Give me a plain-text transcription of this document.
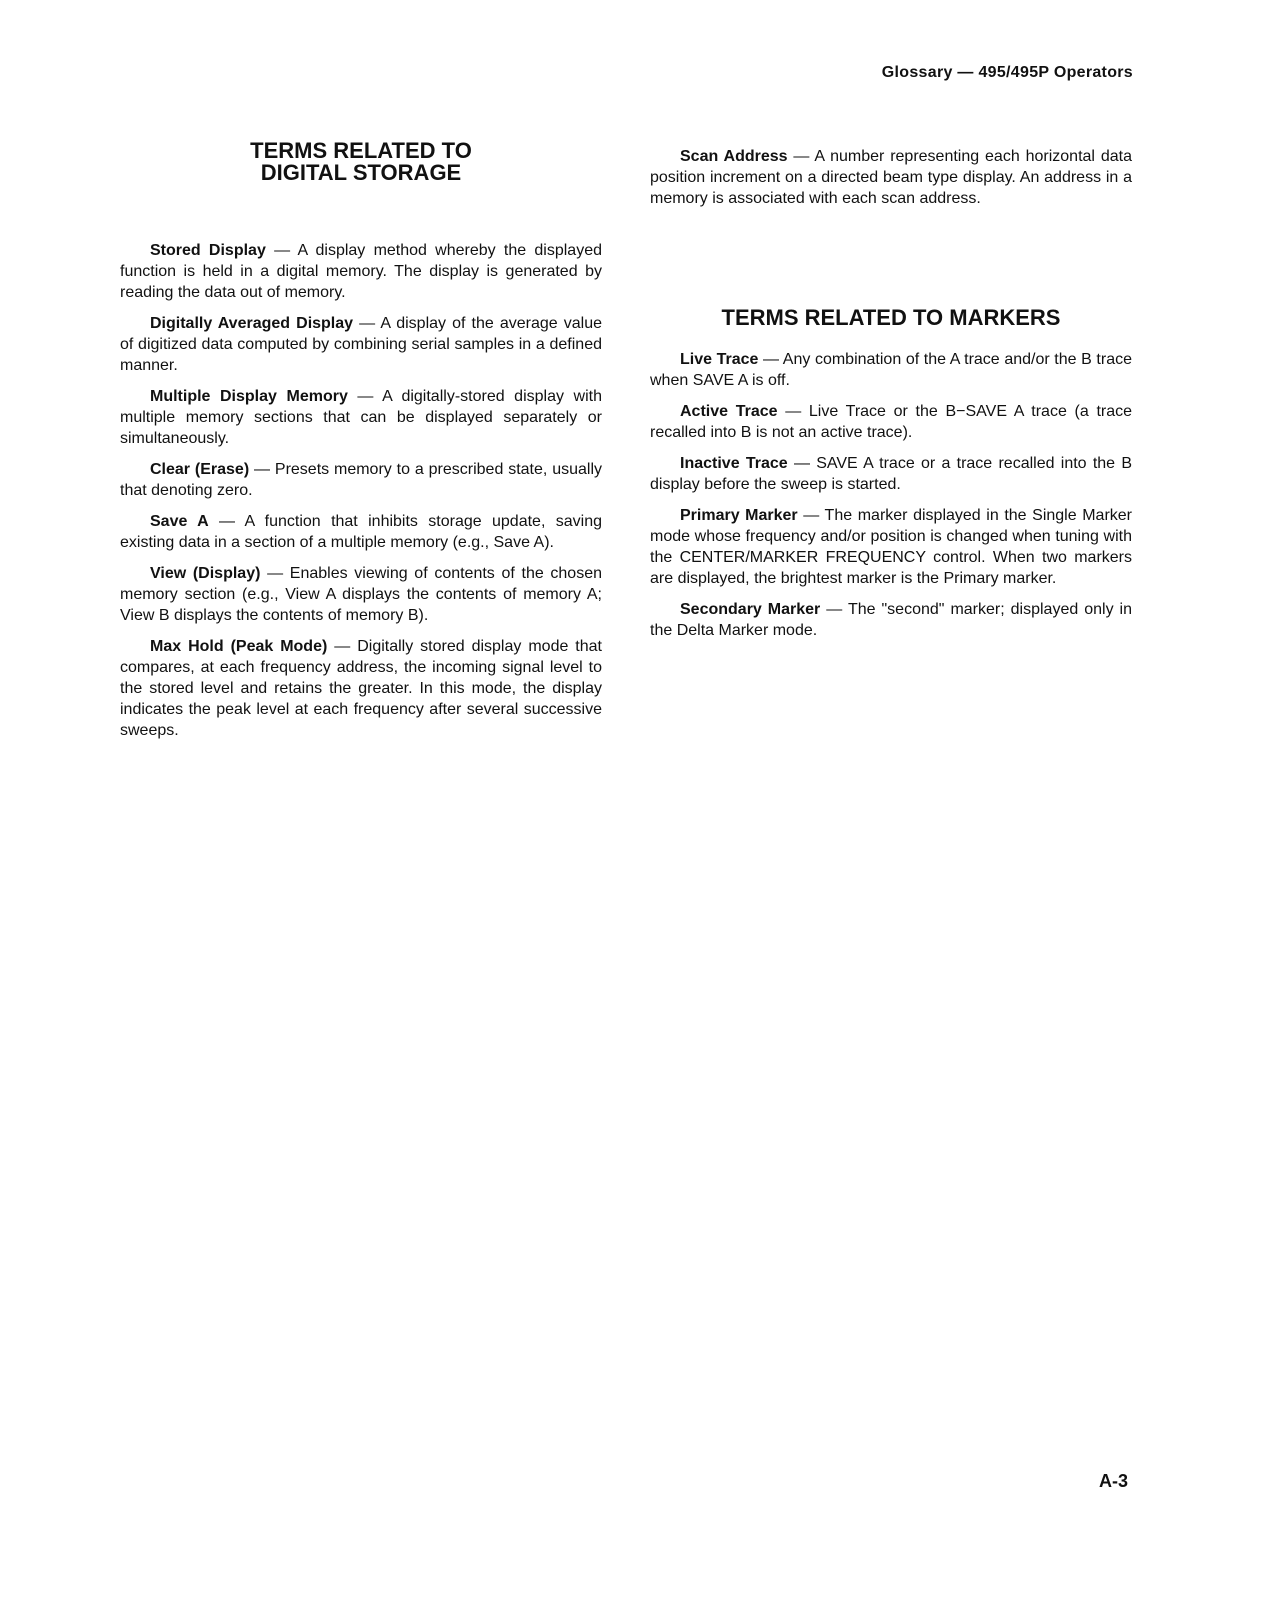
Glossary — 495/495P Operators
TERMS RELATED TO
DIGITAL STORAGE

Stored Display — A display method whereby the displayed function is held in a digital memory. The display is generated by reading the data out of memory.

Digitally Averaged Display — A display of the average value of digitized data computed by combining serial samples in a defined manner.

Multiple Display Memory — A digitally-stored display with multiple memory sections that can be displayed separately or simultaneously.

Clear (Erase) — Presets memory to a prescribed state, usually that denoting zero.

Save A — A function that inhibits storage update, saving existing data in a section of a multiple memory (e.g., Save A).

View (Display) — Enables viewing of contents of the chosen memory section (e.g., View A displays the contents of memory A; View B displays the contents of memory B).

Max Hold (Peak Mode) — Digitally stored display mode that compares, at each frequency address, the incoming signal level to the stored level and retains the greater. In this mode, the display indicates the peak level at each frequency after several successive sweeps.

Scan Address — A number representing each horizontal data position increment on a directed beam type display. An address in a memory is associated with each scan address.

TERMS RELATED TO MARKERS

Live Trace — Any combination of the A trace and/or the B trace when SAVE A is off.

Active Trace — Live Trace or the B−SAVE A trace (a trace recalled into B is not an active trace).

Inactive Trace — SAVE A trace or a trace recalled into the B display before the sweep is started.

Primary Marker — The marker displayed in the Single Marker mode whose frequency and/or position is changed when tuning with the CENTER/MARKER FREQUENCY control. When two markers are displayed, the brightest marker is the Primary marker.

Secondary Marker — The "second" marker; displayed only in the Delta Marker mode.

A-3
